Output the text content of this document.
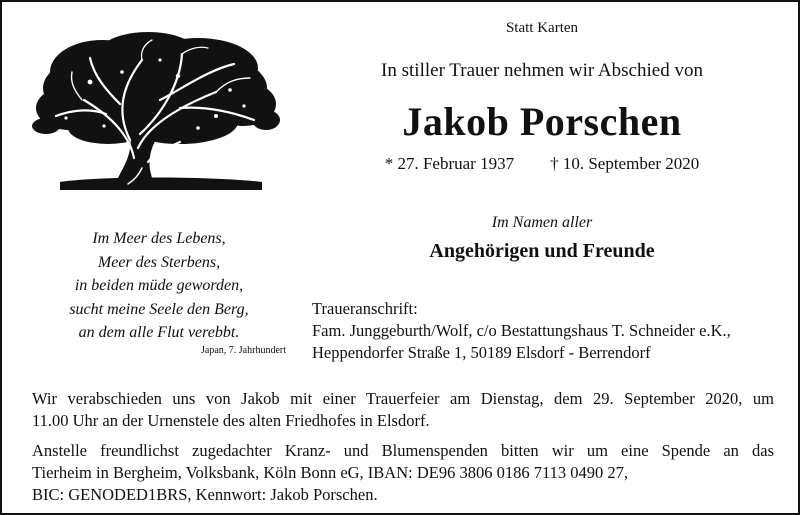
Statt Karten
In stiller Trauer nehmen wir Abschied von
Jakob Porschen
* 27. Februar 1937 † 10. September 2020
Im Namen aller
Angehörigen und Freunde
Im Meer des Lebens,
Meer des Sterbens,
in beiden müde geworden,
sucht meine Seele den Berg,
an dem alle Flut verebbt.
Japan, 7. Jahrhundert
Traueranschrift:
Fam. Junggeburth/Wolf, c/o Bestattungshaus T. Schneider e.K.,
Heppendorfer Straße 1, 50189 Elsdorf - Berrendorf
Wir verabschieden uns von Jakob mit einer Trauerfeier am Dienstag, dem 29. September 2020, um
11.00 Uhr an der Urnenstele des alten Friedhofes in Elsdorf.
Anstelle freundlichst zugedachter Kranz- und Blumenspenden bitten wir um eine Spende an das
Tierheim in Bergheim, Volksbank, Köln Bonn eG, IBAN: DE96 3806 0186 7113 0490 27,
BIC: GENODED1BRS, Kennwort: Jakob Porschen.
